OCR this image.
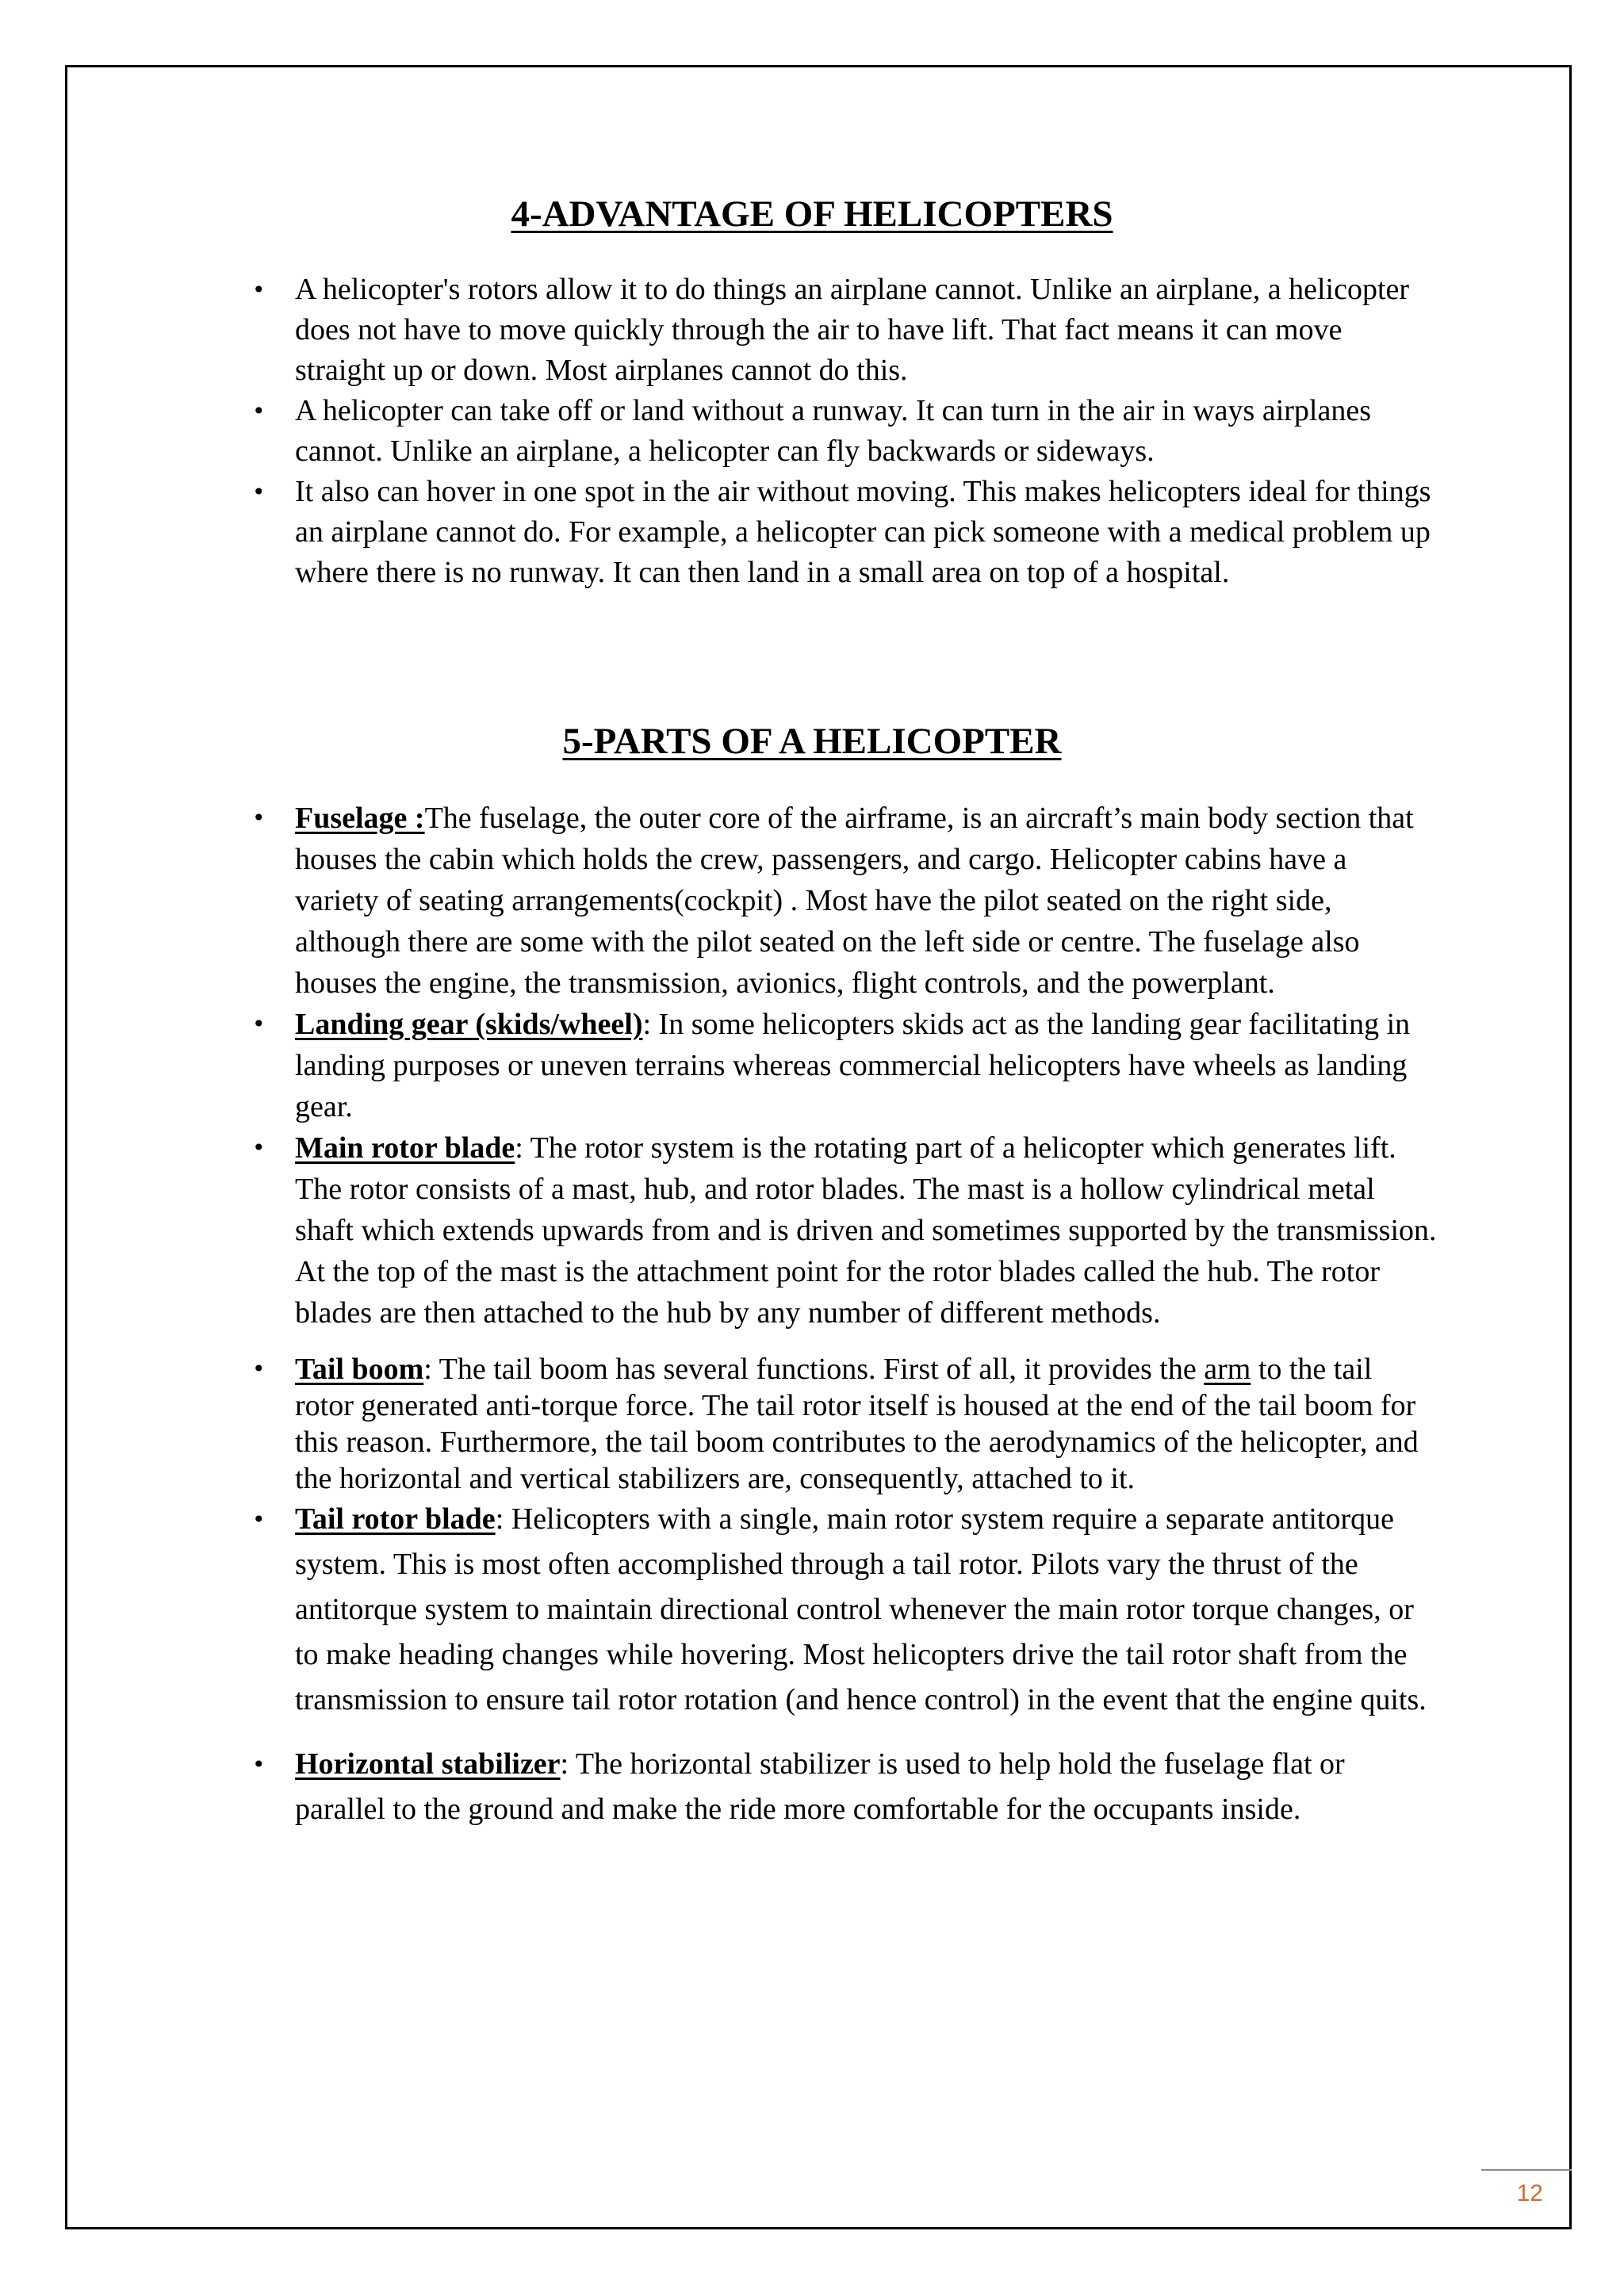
4-ADVANTAGE OF HELICOPTERS
• A helicopter's rotors allow it to do things an airplane cannot. Unlike an airplane, a helicopter does not have to move quickly through the air to have lift. That fact means it can move straight up or down. Most airplanes cannot do this.
• A helicopter can take off or land without a runway. It can turn in the air in ways airplanes cannot. Unlike an airplane, a helicopter can fly backwards or sideways.
• It also can hover in one spot in the air without moving. This makes helicopters ideal for things an airplane cannot do. For example, a helicopter can pick someone with a medical problem up where there is no runway. It can then land in a small area on top of a hospital.
5-PARTS OF A HELICOPTER
• Fuselage :The fuselage, the outer core of the airframe, is an aircraft’s main body section that houses the cabin which holds the crew, passengers, and cargo. Helicopter cabins have a variety of seating arrangements(cockpit) . Most have the pilot seated on the right side, although there are some with the pilot seated on the left side or centre. The fuselage also houses the engine, the transmission, avionics, flight controls, and the powerplant.
• Landing gear (skids/wheel): In some helicopters skids act as the landing gear facilitating in landing purposes or uneven terrains whereas commercial helicopters have wheels as landing gear.
• Main rotor blade: The rotor system is the rotating part of a helicopter which generates lift. The rotor consists of a mast, hub, and rotor blades. The mast is a hollow cylindrical metal shaft which extends upwards from and is driven and sometimes supported by the transmission. At the top of the mast is the attachment point for the rotor blades called the hub. The rotor blades are then attached to the hub by any number of different methods.
• Tail boom: The tail boom has several functions. First of all, it provides the arm to the tail rotor generated anti-torque force. The tail rotor itself is housed at the end of the tail boom for this reason. Furthermore, the tail boom contributes to the aerodynamics of the helicopter, and the horizontal and vertical stabilizers are, consequently, attached to it.
• Tail rotor blade: Helicopters with a single, main rotor system require a separate antitorque system. This is most often accomplished through a tail rotor. Pilots vary the thrust of the antitorque system to maintain directional control whenever the main rotor torque changes, or to make heading changes while hovering. Most helicopters drive the tail rotor shaft from the transmission to ensure tail rotor rotation (and hence control) in the event that the engine quits.
• Horizontal stabilizer: The horizontal stabilizer is used to help hold the fuselage flat or parallel to the ground and make the ride more comfortable for the occupants inside.
12
